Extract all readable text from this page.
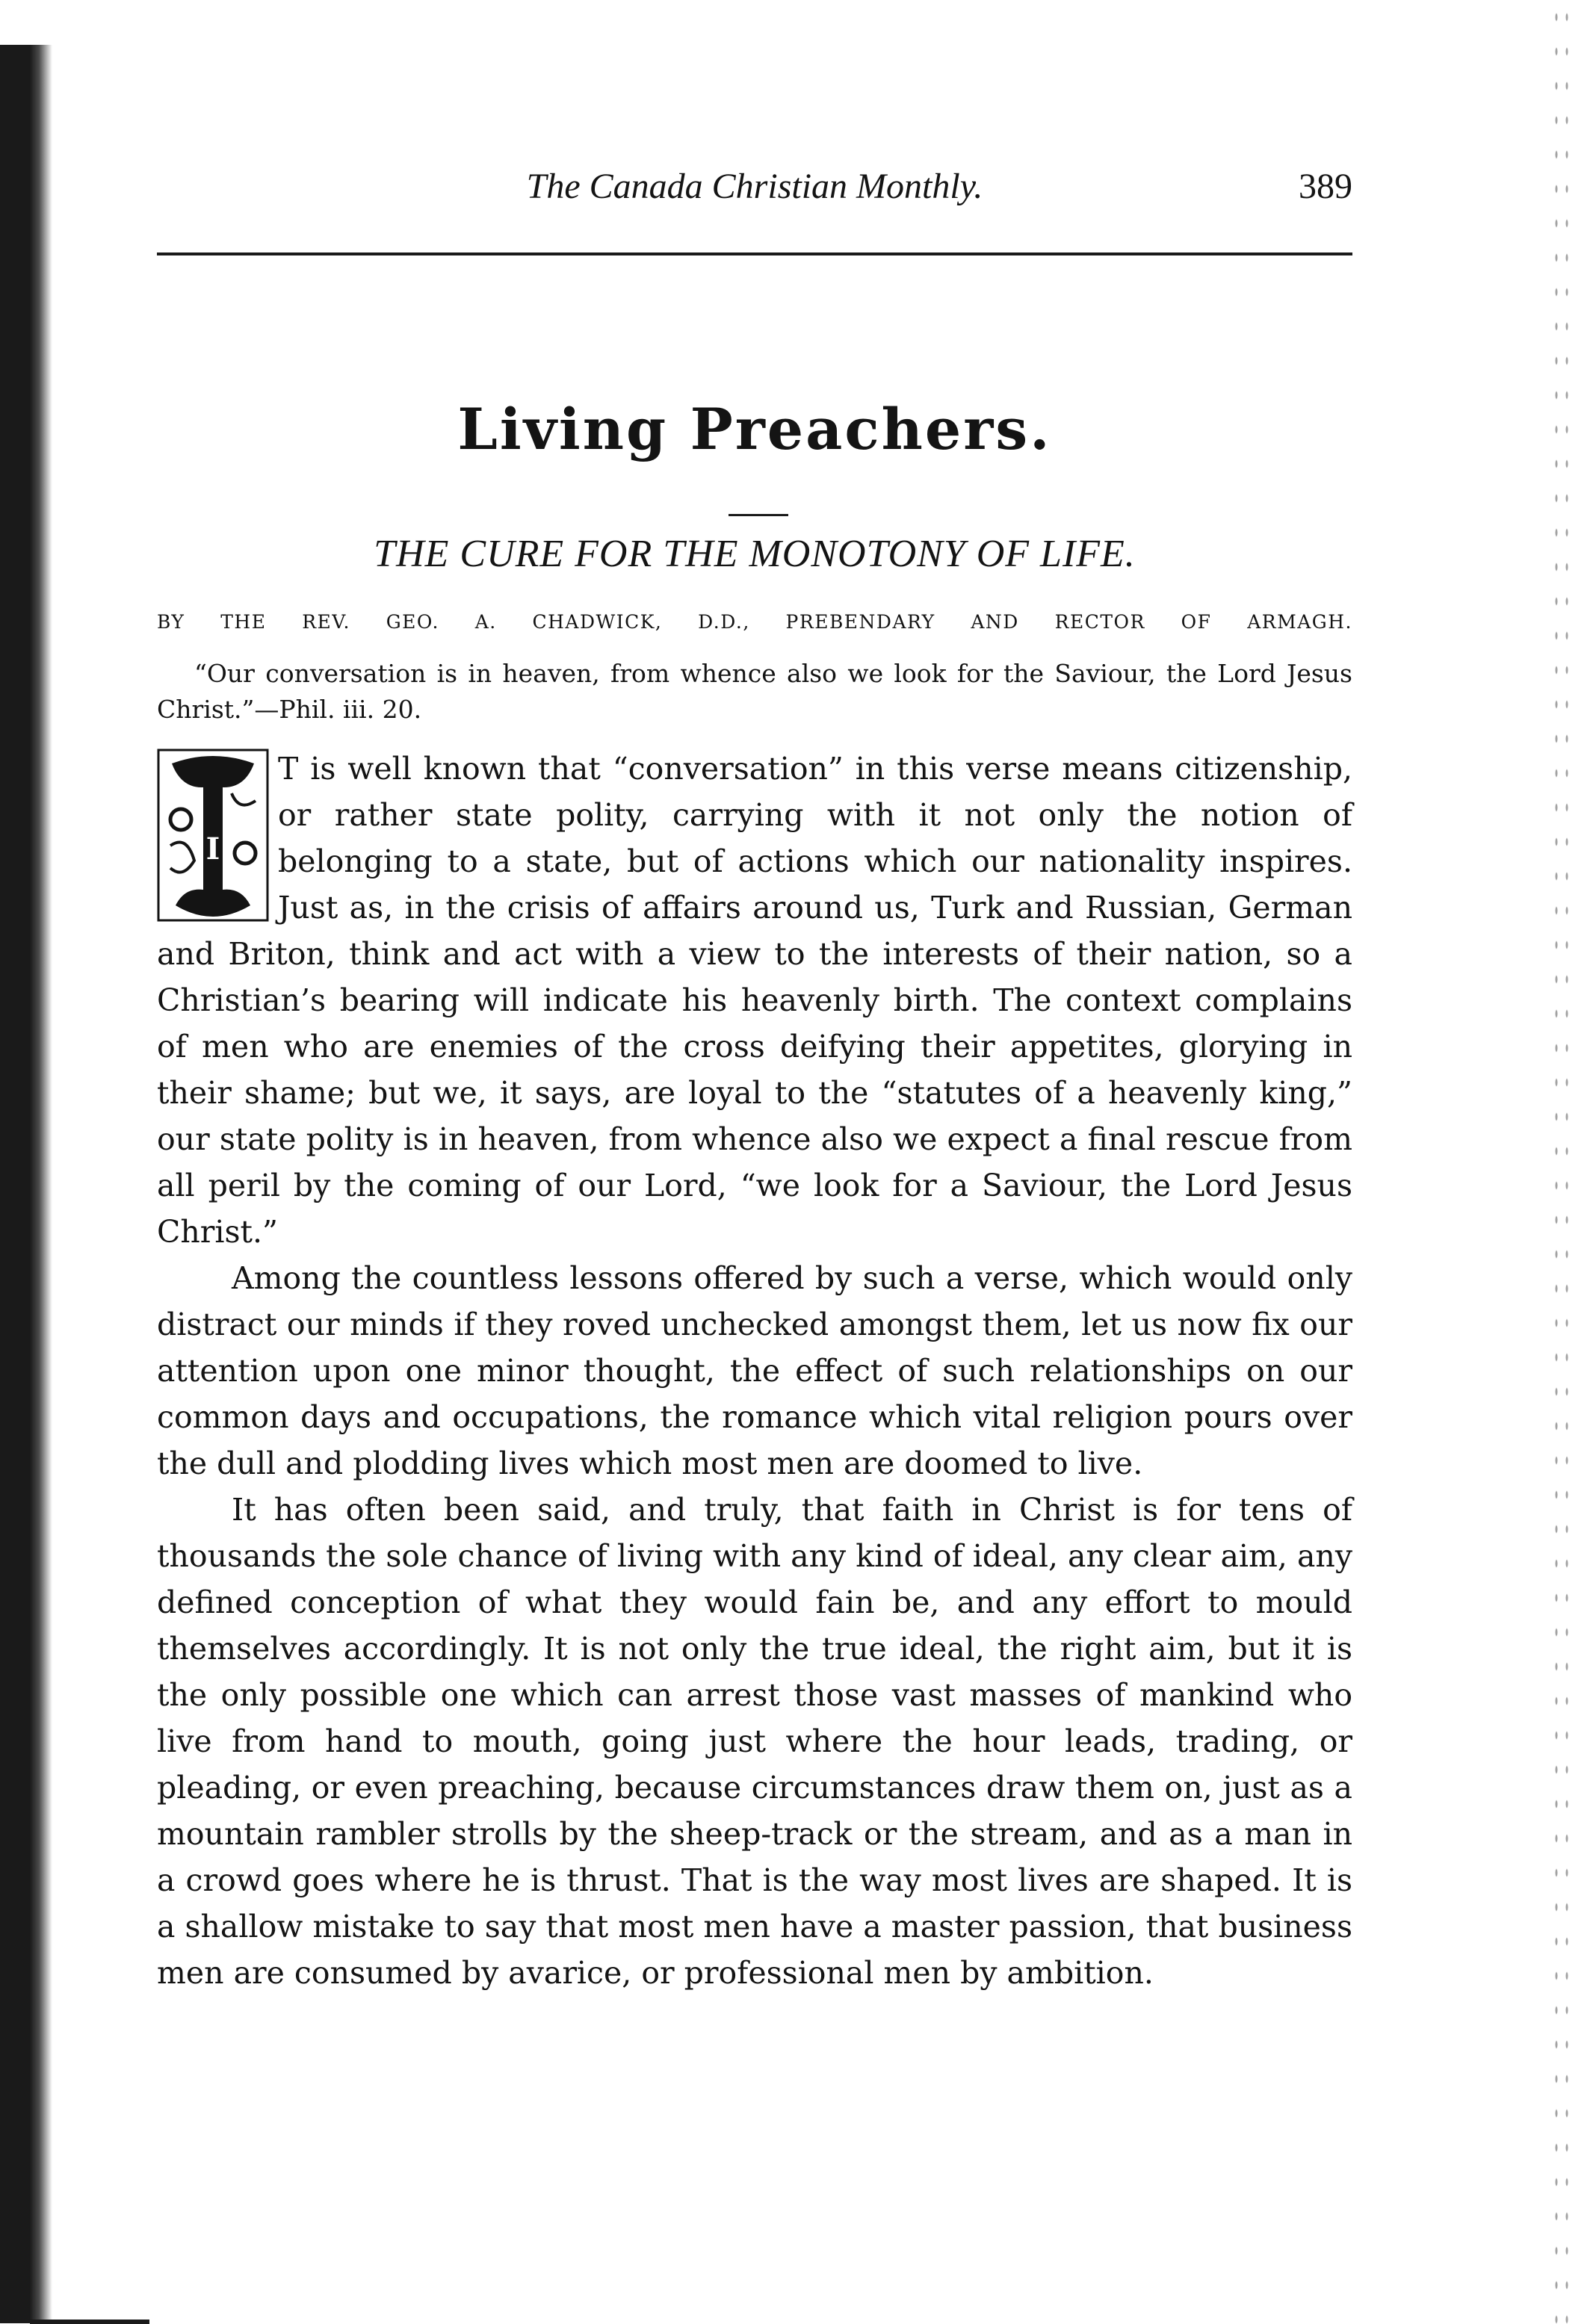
The Canada Christian Monthly.	389
Living Preachers.
THE CURE FOR THE MONOTONY OF LIFE.
BY THE REV. GEO. A. CHADWICK, D.D., PREBENDARY AND RECTOR OF ARMAGH.
“Our conversation is in heaven, from whence also we look for the Saviour, the Lord Jesus Christ.”—Phil. iii. 20.
I

T is well known that “conversation” in this verse means citizenship, or rather state polity, carrying with it not only the notion of belonging to a state, but of actions which our nationality inspires. Just as, in the crisis of affairs around us, Turk and Russian, German and Briton, think and act with a view to the interests of their nation, so a Christian’s bearing will indicate his heavenly birth. The context complains of men who are enemies of the cross deifying their appetites, glorying in their shame; but we, it says, are loyal to the “statutes of a heavenly king,” our state polity is in heaven, from whence also we expect a final rescue from all peril by the coming of our Lord, “we look for a Saviour, the Lord Jesus Christ.”

Among the countless lessons offered by such a verse, which would only distract our minds if they roved unchecked amongst them, let us now fix our attention upon one minor thought, the effect of such relationships on our common days and occupations, the romance which vital religion pours over the dull and plodding lives which most men are doomed to live.

It has often been said, and truly, that faith in Christ is for tens of thousands the sole chance of living with any kind of ideal, any clear aim, any defined conception of what they would fain be, and any effort to mould themselves accordingly. It is not only the true ideal, the right aim, but it is the only possible one which can arrest those vast masses of mankind who live from hand to mouth, going just where the hour leads, trading, or pleading, or even preaching, because circumstances draw them on, just as a mountain rambler strolls by the sheep-track or the stream, and as a man in a crowd goes where he is thrust. That is the way most lives are shaped. It is a shallow mistake to say that most men have a master passion, that business men are consumed by avarice, or professional men by ambition.
